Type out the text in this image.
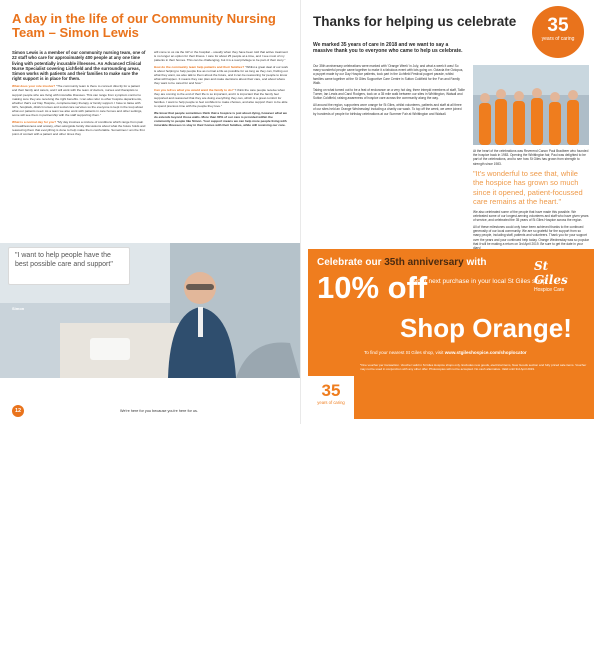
A day in the life of our Community Nursing Team – Simon Lewis

Simon Lewis is a member of our community nursing team, one of 22 staff who care for approximately 400 people at any one time living with potentially incurable illnesses. An Advanced Clinical Nurse Specialist covering Lichfield and the surrounding areas, Simon works with patients and their families to make sure the right support is in place for them.

What does your role involve? "The community team is there to connect directly for a patient and their family and carers, and I will work with the team of doctors, nurses and therapists to support people who are living with incurable illnesses. This can range from symptom control to making sure they are receiving the right benefits. I can also refer to other hospice departments, whether that's our Day Hospice, complementary therapy or family support. I have to liaise with GPs, hospitals, district nurses and social care services so the everyone is kept in the loop about what our patients need. As a team we also work with patients in care homes and other settings, some will see them in partnership with the staff supporting them."

What is a normal day for you? "My day involves a mixture of conditions which range from pain to breathlessness and anxiety, often alongside family discussions about what the future holds and reassuring them that everything is done to help make them comfortable. Sometimes I am the first point of contact with a patient and other times they

will come to us via the GP or the hospital – usually when they have been told that active treatment is no longer an option for their illness. I care for about 25 people at a time, and I see most of my patients in their homes. This can be challenging, but it is a real privilege to be part of their story."

How do the community team help patients and their families? "Whilst a great deal of our work is about helping to help people live as normal a life as possible for as long as they can, finding out what they want, we also talk to them about the future, and it can be reassuring for people to know what will happen. It means they can plan and make decisions about their care, and about where they want to be cared for and how."

Can you tell us what you would want the family to do? "I think the care people receive when they are coming to the end of their life is so important, and it is important that the family feel supported and reassured that they are doing everything they can, which is a great comfort for families. I want to help people to feel confident to make choices, and also support them to be able to spend precious time with the people they love."

We know that people sometimes think that a hospice is just about dying, however what we do extends beyond those walls. More than 60% of our care is provided within the community to people like Simon. Your support means we can help more people living with incurable illnesses to stay in their homes with their families, while still receiving our care.

"I want to help people have the best possible care and support"
Simon
12	We're here for you because you're here for us.
Thanks for helping us celebrate	35
years of caring

We marked 35 years of care in 2018 and we want to say a massive thank you to everyone who came to help us celebrate.

Our 35th anniversary celebrations were marked with 'Orange Week' in July, and what a week it was! So many wonderful people came together to make it a fabulous event with lots going on. Octavia the Octopus, a puppet made by our Day Hospice patients, took part in the Lichfield Festival puppet parade, whilst families came together at the St Giles Supportive Care Centre in Sutton Coldfield for the Fun and Family Walk.

Taking on what turned out to be a feat of endurance on a very hot day, three intrepid members of staff, Tallie Turner, Ian Lewis and Carol Rodgers, took on a 35 mile walk between our sites in Whittington, Walsall and Sutton Coldfield, raising awareness of hospice care across the community along the way.

All around the region, supporters wore orange for St Giles, whilst volunteers, patients and staff at all three of our sites held an Orange Wednesday! including a charity car wash. To top off the week, we were joined by hundreds of people for birthday celebrations at our Summer Fair at Whittington and Walsall.

At the heart of the celebrations was Reverend Canon Paul Bradbeer who founded the hospice back in 1983. Opening the Whittington fair, Paul was delighted to be part of the celebrations, and to see how St Giles has grown from strength to strength since 1983.

"It's wonderful to see that, while the hospice has grown so much since it opened, patient-focussed care remains at the heart."

We also celebrated some of the people that have made this possible. We celebrated some of our longest-serving volunteers and staff who have given years of service, and celebrated the 35 years of St Giles Hospice across the region.

All of these milestones could only have been achieved thanks to the continued generosity of our local community. We are so grateful for the support from so many people, including staff, patients and volunteers. Thank you for your support over the years and your continued help today. Orange Wednesday was so popular that it will be making a return on 3rd April 2019. Be sure to get the date in your

Celebrate our 35th anniversary with
10% off
your next purchase in your local St Giles shop
Shop Orange!
To find your nearest St Giles shop, visit www.stgileshospice.com/shoplocator
35
years of caring
*One voucher per transaction. Voucher valid in St Giles Hospice shops only. Excludes new goods, electrical items, New Goods section and fully priced sale items. Voucher may not be used in conjunction with any other offer. Photocopies will not be accepted. No cash alternative. Valid until 3rd April 2019.
St Giles
Hospice Care
13
